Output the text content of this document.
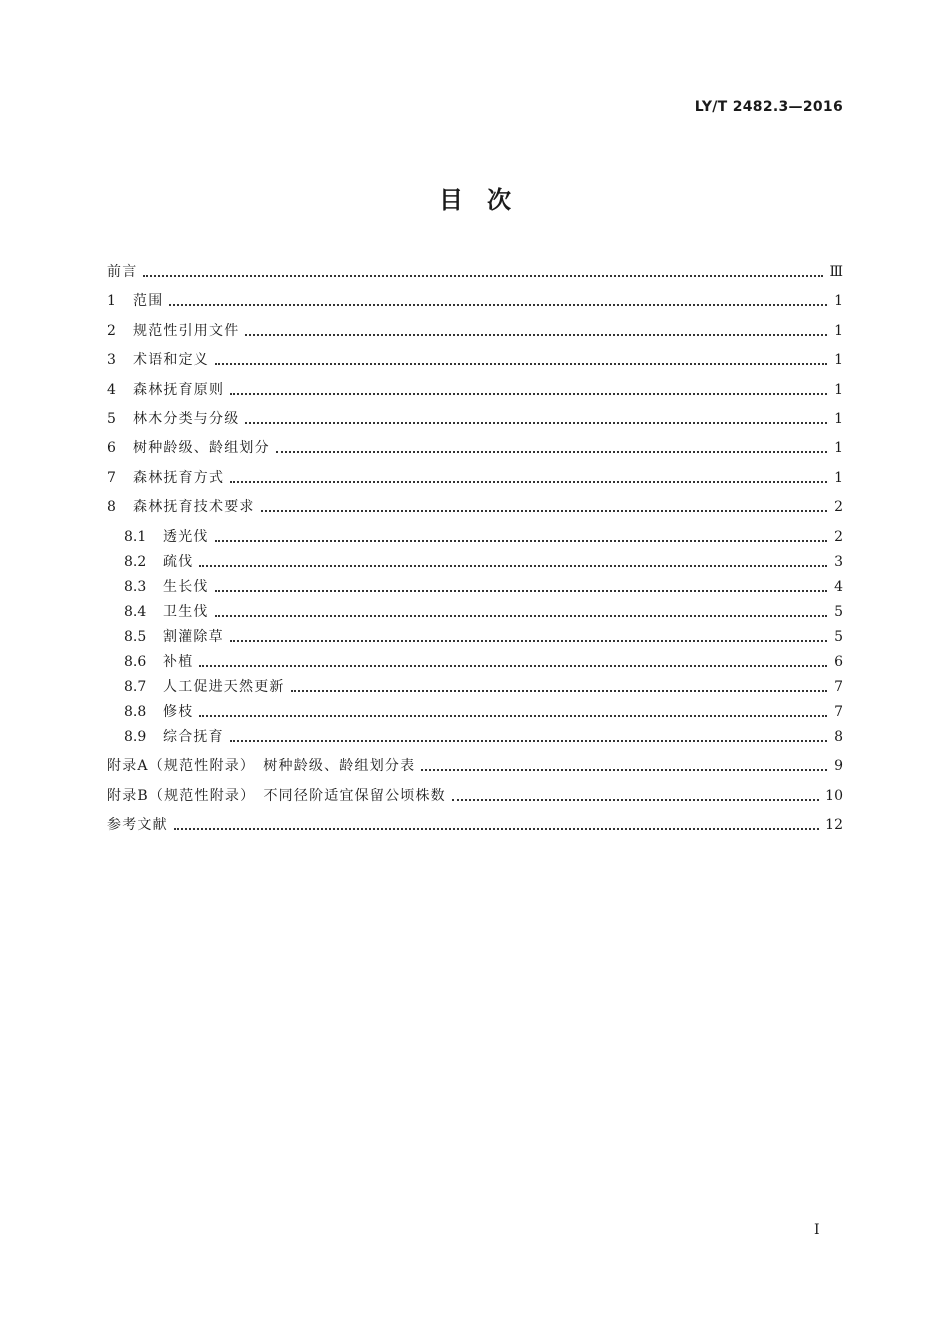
LY/T 2482.3—2016
目　次
前言	Ⅲ
1	范围	1
2	规范性引用文件	1
3	术语和定义	1
4	森林抚育原则	1
5	林木分类与分级	1
6	树种龄级、龄组划分	1
7	森林抚育方式	1
8	森林抚育技术要求	2
8.1	透光伐	2
8.2	疏伐	3
8.3	生长伐	4
8.4	卫生伐	5
8.5	割灌除草	5
8.6	补植	6
8.7	人工促进天然更新	7
8.8	修枝	7
8.9	综合抚育	8
附录A（规范性附录）　树种龄级、龄组划分表	9
附录B（规范性附录）　不同径阶适宜保留公顷株数	10
参考文献	12
I
